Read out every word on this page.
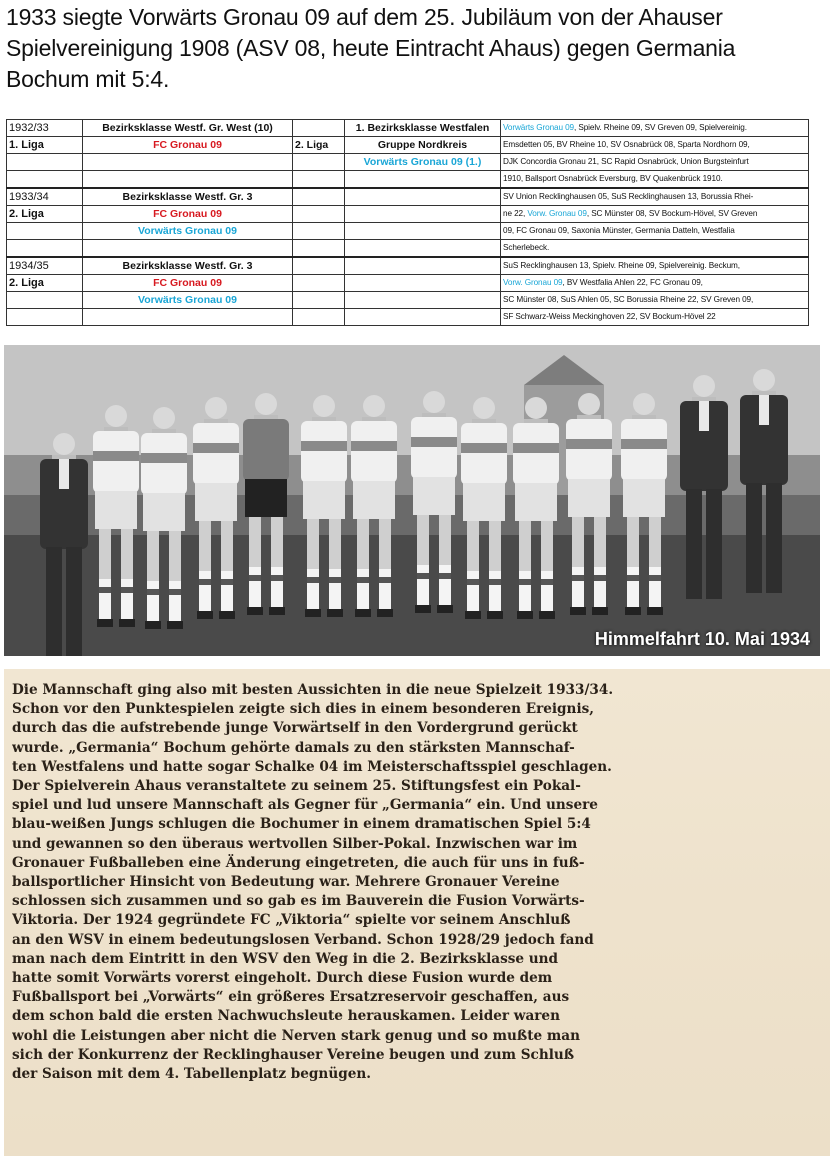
1933 siegte Vorwärts Gronau 09 auf dem 25. Jubiläum von der Ahauser
Spielvereinigung 1908 (ASV 08, heute Eintracht Ahaus) gegen Germania
Bochum mit 5:4.
1932/33	Bezirksklasse Westf. Gr. West (10)		1. Bezirksklasse Westfalen	Vorwärts Gronau 09, Spielv. Rheine 09, SV Greven 09, Spielvereinig.
1. Liga	FC Gronau 09	2. Liga	Gruppe Nordkreis	Emsdetten 05, BV Rheine 10, SV Osnabrück 08, Sparta Nordhorn 09,
			Vorwärts Gronau 09 (1.)	DJK Concordia Gronau 21, SC Rapid Osnabrück, Union Burgsteinfurt
				1910, Ballsport Osnabrück Eversburg, BV Quakenbrück 1910.
1933/34	Bezirksklasse Westf. Gr. 3			SV Union Recklinghausen 05, SuS Recklinghausen 13, Borussia Rhei-
2. Liga	FC Gronau 09			ne 22, Vorw. Gronau 09, SC Münster 08, SV Bockum-Hövel, SV Greven
	Vorwärts Gronau 09			09, FC Gronau 09, Saxonia Münster, Germania Datteln, Westfalia
				Scherlebeck.
1934/35	Bezirksklasse Westf. Gr. 3			SuS Recklinghausen 13, Spielv. Rheine 09, Spielvereinig. Beckum,
2. Liga	FC Gronau 09			Vorw. Gronau 09, BV Westfalia Ahlen 22, FC Gronau 09,
	Vorwärts Gronau 09			SC Münster 08, SuS Ahlen 05, SC Borussia Rheine 22, SV Greven 09,
				SF Schwarz-Weiss Meckinghoven 22, SV Bockum-Hövel 22
Himmelfahrt 10. Mai 1934
Die Mannschaft ging also mit besten Aussichten in die neue Spielzeit 1933/34.
Schon vor den Punktespielen zeigte sich dies in einem besonderen Ereignis,
durch das die aufstrebende junge Vorwärtself in den Vordergrund gerückt
wurde. „Germania“ Bochum gehörte damals zu den stärksten Mannschaf-
ten Westfalens und hatte sogar Schalke 04 im Meisterschaftsspiel geschlagen.
Der Spielverein Ahaus veranstaltete zu seinem 25. Stiftungsfest ein Pokal-
spiel und lud unsere Mannschaft als Gegner für „Germania“ ein. Und unsere
blau-weißen Jungs schlugen die Bochumer in einem dramatischen Spiel 5:4
und gewannen so den überaus wertvollen Silber-Pokal. Inzwischen war im
Gronauer Fußballeben eine Änderung eingetreten, die auch für uns in fuß-
ballsportlicher Hinsicht von Bedeutung war. Mehrere Gronauer Vereine
schlossen sich zusammen und so gab es im Bauverein die Fusion Vorwärts-
Viktoria. Der 1924 gegründete FC „Viktoria“ spielte vor seinem Anschluß
an den WSV in einem bedeutungslosen Verband. Schon 1928/29 jedoch fand
man nach dem Eintritt in den WSV den Weg in die 2. Bezirksklasse und
hatte somit Vorwärts vorerst eingeholt. Durch diese Fusion wurde dem
Fußballsport bei „Vorwärts“ ein größeres Ersatzreservoir geschaffen, aus
dem schon bald die ersten Nachwuchsleute herauskamen. Leider waren
wohl die Leistungen aber nicht die Nerven stark genug und so mußte man
sich der Konkurrenz der Recklinghauser Vereine beugen und zum Schluß
der Saison mit dem 4. Tabellenplatz begnügen.
